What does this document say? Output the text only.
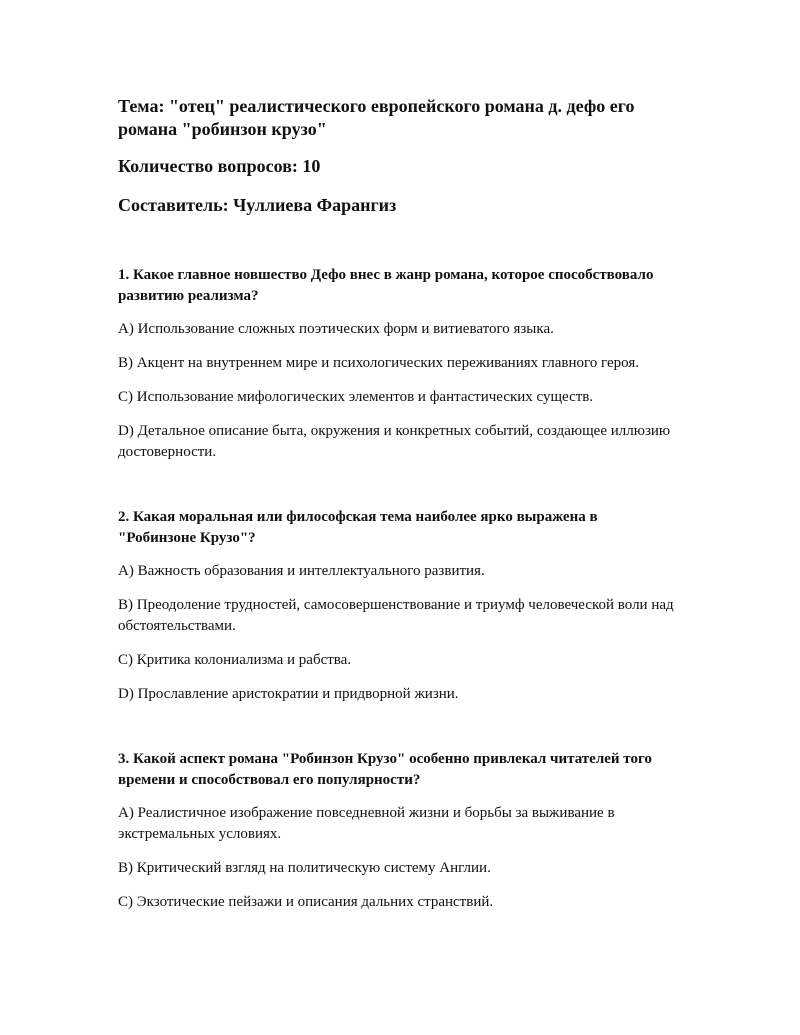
Тема: "отец" реалистического европейского романа д. дефо его романа "робинзон крузо"

Количество вопросов: 10

Составитель: Чуллиева Фарангиз

1. Какое главное новшество Дефо внес в жанр романа, которое способствовало развитию реализма?

A) Использование сложных поэтических форм и витиеватого языка.

B) Акцент на внутреннем мире и психологических переживаниях главного героя.

C) Использование мифологических элементов и фантастических существ.

D) Детальное описание быта, окружения и конкретных событий, создающее иллюзию достоверности.

2. Какая моральная или философская тема наиболее ярко выражена в "Робинзоне Крузо"?

A) Важность образования и интеллектуального развития.

B) Преодоление трудностей, самосовершенствование и триумф человеческой воли над обстоятельствами.

C) Критика колониализма и рабства.

D) Прославление аристократии и придворной жизни.

3. Какой аспект романа "Робинзон Крузо" особенно привлекал читателей того времени и способствовал его популярности?

A) Реалистичное изображение повседневной жизни и борьбы за выживание в экстремальных условиях.

B) Критический взгляд на политическую систему Англии.

C) Экзотические пейзажи и описания дальних странствий.
